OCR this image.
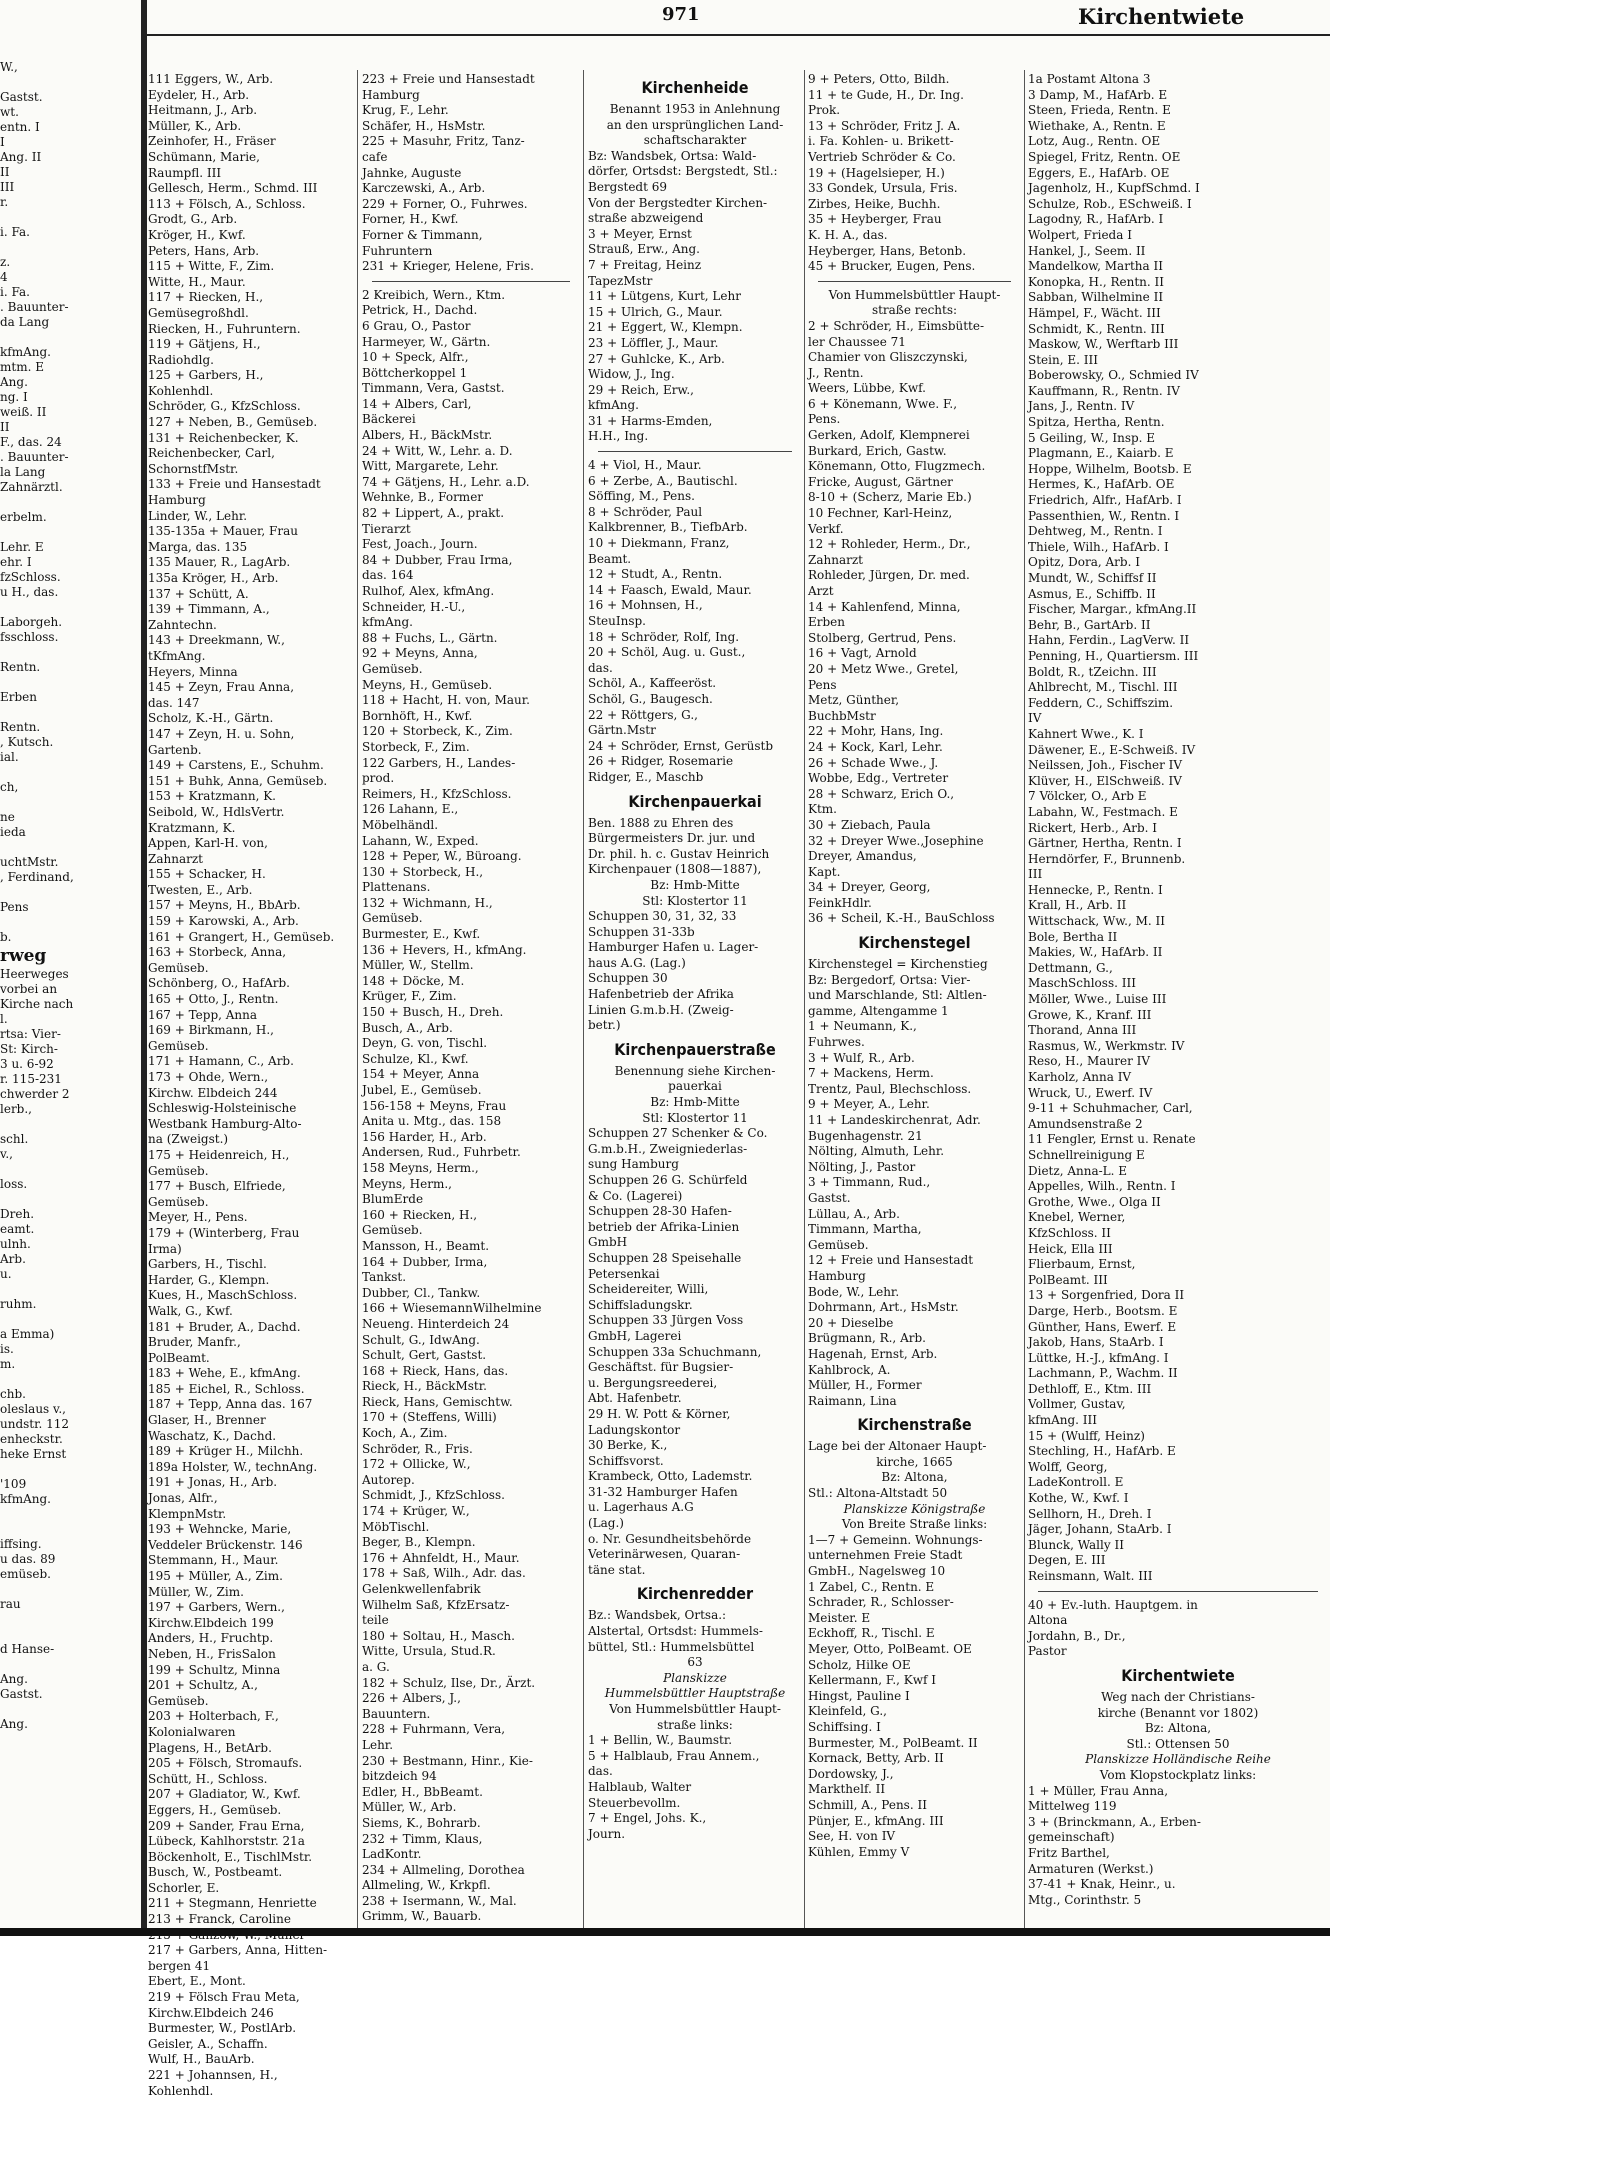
W.,
Gastst.
wt.
entn. I
I
Ang. II
II
III
r.
i. Fa.
z.
4
i. Fa.
. Bauunter-
da Lang
kfmAng.
mtm. E
Ang.
ng. I
weiß. II
II
F., das. 24
. Bauunter-
la Lang
Zahnärztl.
erbelm.
Lehr. E
ehr. I
fzSchloss.
u H., das.
Laborgeh.
fsschloss.
Rentn.
Erben
Rentn.
, Kutsch.
ial.
ch,
ne
ieda
uchtMstr.
, Ferdinand,
Pens
b.
rweg
Heerweges
vorbei an
Kirche nach
l.
rtsa: Vier-
St: Kirch-
3 u. 6-92
r. 115-231
chwerder 2
lerb.,
schl.
v.,
loss.
Dreh.
eamt.
ulnh.
Arb.
u.
ruhm.
a Emma)
is.
m.
chb.
oleslaus v.,
undstr. 112
enheckstr.
heke Ernst
'109
kfmAng.
iffsing.
u das. 89
emüseb.
rau
d Hanse-
Ang.
Gastst.
Ang.
971	Kirchentwiete
111 Eggers, W., Arb.
Eydeler, H., Arb.
Heitmann, J., Arb.
Müller, K., Arb.
Zeinhofer, H., Fräser
Schümann, Marie,
Raumpfl. III
Gellesch, Herm., Schmd. III
113 + Fölsch, A., Schloss.
Grodt, G., Arb.
Kröger, H., Kwf.
Peters, Hans, Arb.
115 + Witte, F., Zim.
Witte, H., Maur.
117 + Riecken, H.,
Gemüsegroßhdl.
Riecken, H., Fuhruntern.
119 + Gätjens, H.,
Radiohdlg.
125 + Garbers, H.,
Kohlenhdl.
Schröder, G., KfzSchloss.
127 + Neben, B., Gemüseb.
131 + Reichenbecker, K.
Reichenbecker, Carl,
SchornstfMstr.
133 + Freie und Hansestadt
Hamburg
Linder, W., Lehr.
135-135a + Mauer, Frau
Marga, das. 135
135 Mauer, R., LagArb.
135a Kröger, H., Arb.
137 + Schütt, A.
139 + Timmann, A.,
Zahntechn.
143 + Dreekmann, W.,
tKfmAng.
Heyers, Minna
145 + Zeyn, Frau Anna,
das. 147
Scholz, K.-H., Gärtn.
147 + Zeyn, H. u. Sohn,
Gartenb.
149 + Carstens, E., Schuhm.
151 + Buhk, Anna, Gemüseb.
153 + Kratzmann, K.
Seibold, W., HdlsVertr.
Kratzmann, K.
Appen, Karl-H. von,
Zahnarzt
155 + Schacker, H.
Twesten, E., Arb.
157 + Meyns, H., BbArb.
159 + Karowski, A., Arb.
161 + Grangert, H., Gemüseb.
163 + Storbeck, Anna,
Gemüseb.
Schönberg, O., HafArb.
165 + Otto, J., Rentn.
167 + Tepp, Anna
169 + Birkmann, H.,
Gemüseb.
171 + Hamann, C., Arb.
173 + Ohde, Wern.,
Kirchw. Elbdeich 244
Schleswig-Holsteinische
Westbank Hamburg-Alto-
na (Zweigst.)
175 + Heidenreich, H.,
Gemüseb.
177 + Busch, Elfriede,
Gemüseb.
Meyer, H., Pens.
179 + (Winterberg, Frau
Irma)
Garbers, H., Tischl.
Harder, G., Klempn.
Kues, H., MaschSchloss.
Walk, G., Kwf.
181 + Bruder, A., Dachd.
Bruder, Manfr.,
PolBeamt.
183 + Wehe, E., kfmAng.
185 + Eichel, R., Schloss.
187 + Tepp, Anna das. 167
Glaser, H., Brenner
Waschatz, K., Dachd.
189 + Krüger H., Milchh.
189a Holster, W., technAng.
191 + Jonas, H., Arb.
Jonas, Alfr.,
KlempnMstr.
193 + Wehncke, Marie,
Veddeler Brückenstr. 146
Stemmann, H., Maur.
195 + Müller, A., Zim.
Müller, W., Zim.
197 + Garbers, Wern.,
Kirchw.Elbdeich 199
Anders, H., Fruchtp.
Neben, H., FrisSalon
199 + Schultz, Minna
201 + Schultz, A.,
Gemüseb.
203 + Holterbach, F.,
Kolonialwaren
Plagens, H., BetArb.
205 + Fölsch, Stromaufs.
Schütt, H., Schloss.
207 + Gladiator, W., Kwf.
Eggers, H., Gemüseb.
209 + Sander, Frau Erna,
Lübeck, Kahlhorststr. 21a
Böckenholt, E., TischlMstr.
Busch, W., Postbeamt.
Schorler, E.
211 + Stegmann, Henriette
213 + Franck, Caroline
217 + Garbers, Anna, Hitten-
bergen 41
Ebert, E., Mont.
219 + Fölsch Frau Meta,
Kirchw.Elbdeich 246
Burmester, W., PostlArb.
Geisler, A., Schaffn.
Wulf, H., BauArb.
221 + Johannsen, H.,
Kohlenhdl.
223 + Freie und Hansestadt
Hamburg
Krug, F., Lehr.
Schäfer, H., HsMstr.
225 + Masuhr, Fritz, Tanz-
cafe
Jahnke, Auguste
Karczewski, A., Arb.
229 + Forner, O., Fuhrwes.
Forner, H., Kwf.
Forner & Timmann,
Fuhruntern
231 + Krieger, Helene, Fris.
2 Kreibich, Wern., Ktm.
Petrick, H., Dachd.
6 Grau, O., Pastor
Harmeyer, W., Gärtn.
10 + Speck, Alfr.,
Böttcherkoppel 1
Timmann, Vera, Gastst.
14 + Albers, Carl,
Bäckerei
Albers, H., BäckMstr.
24 + Witt, W., Lehr. a. D.
Witt, Margarete, Lehr.
74 + Gätjens, H., Lehr. a.D.
Wehnke, B., Former
82 + Lippert, A., prakt.
Tierarzt
Fest, Joach., Journ.
84 + Dubber, Frau Irma,
das. 164
Rulhof, Alex, kfmAng.
Schneider, H.-U.,
kfmAng.
88 + Fuchs, L., Gärtn.
92 + Meyns, Anna,
Gemüseb.
Meyns, H., Gemüseb.
118 + Hacht, H. von, Maur.
Bornhöft, H., Kwf.
120 + Storbeck, K., Zim.
Storbeck, F., Zim.
122 Garbers, H., Landes-
prod.
Reimers, H., KfzSchloss.
126 Lahann, E.,
Möbelhändl.
Lahann, W., Exped.
128 + Peper, W., Büroang.
130 + Storbeck, H.,
Plattenans.
132 + Wichmann, H.,
Gemüseb.
Burmester, E., Kwf.
136 + Hevers, H., kfmAng.
Müller, W., Stellm.
148 + Döcke, M.
Krüger, F., Zim.
150 + Busch, H., Dreh.
Busch, A., Arb.
Deyn, G. von, Tischl.
Schulze, Kl., Kwf.
154 + Meyer, Anna
Jubel, E., Gemüseb.
156-158 + Meyns, Frau
Anita u. Mtg., das. 158
156 Harder, H., Arb.
Andersen, Rud., Fuhrbetr.
158 Meyns, Herm.,
Meyns, Herm.,
BlumErde
160 + Riecken, H.,
Gemüseb.
Mansson, H., Beamt.
164 + Dubber, Irma,
Tankst.
Dubber, Cl., Tankw.
166 + WiesemannWilhelmine
Neueng. Hinterdeich 24
Schult, G., IdwAng.
Schult, Gert, Gastst.
168 + Rieck, Hans, das.
Rieck, H., BäckMstr.
Rieck, Hans, Gemischtw.
170 + (Steffens, Willi)
Koch, A., Zim.
Schröder, R., Fris.
172 + Ollicke, W.,
Autorep.
Schmidt, J., KfzSchloss.
174 + Krüger, W.,
MöbTischl.
Beger, B., Klempn.
176 + Ahnfeldt, H., Maur.
178 + Saß, Wilh., Adr. das.
Gelenkwellenfabrik
Wilhelm Saß, KfzErsatz-
teile
180 + Soltau, H., Masch.
Witte, Ursula, Stud.R.
a. G.
182 + Schulz, Ilse, Dr., Ärzt.
226 + Albers, J.,
Bauuntern.
228 + Fuhrmann, Vera,
Lehr.
230 + Bestmann, Hinr., Kie-
bitzdeich 94
Edler, H., BbBeamt.
Müller, W., Arb.
Siems, K., Bohrarb.
232 + Timm, Klaus,
LadKontr.
234 + Allmeling, Dorothea
Allmeling, W., Krkpfl.
238 + Isermann, W., Mal.
Grimm, W., Bauarb.
Kirchenheide
Benannt 1953 in Anlehnung
an den ursprünglichen Land-
schaftscharakter
Bz: Wandsbek, Ortsa: Wald-
dörfer, Ortsdst: Bergstedt, Stl.:
Bergstedt 69
Von der Bergstedter Kirchen-
straße abzweigend
3 + Meyer, Ernst
Strauß, Erw., Ang.
7 + Freitag, Heinz
TapezMstr
11 + Lütgens, Kurt, Lehr
15 + Ulrich, G., Maur.
21 + Eggert, W., Klempn.
23 + Löffler, J., Maur.
27 + Guhlcke, K., Arb.
Widow, J., Ing.
29 + Reich, Erw.,
kfmAng.
31 + Harms-Emden,
H.H., Ing.
4 + Viol, H., Maur.
6 + Zerbe, A., Bautischl.
Söffing, M., Pens.
8 + Schröder, Paul
Kalkbrenner, B., TiefbArb.
10 + Diekmann, Franz,
Beamt.
12 + Studt, A., Rentn.
14 + Faasch, Ewald, Maur.
16 + Mohnsen, H.,
SteuInsp.
18 + Schröder, Rolf, Ing.
20 + Schöl, Aug. u. Gust.,
das.
Schöl, A., Kaffeeröst.
Schöl, G., Baugesch.
22 + Röttgers, G.,
Gärtn.Mstr
24 + Schröder, Ernst, Gerüstb
26 + Ridger, Rosemarie
Ridger, E., Maschb
Kirchenpauerkai
Ben. 1888 zu Ehren des
Bürgermeisters Dr. jur. und
Dr. phil. h. c. Gustav Heinrich
Kirchenpauer (1808—1887),
Bz: Hmb-Mitte
Stl: Klostertor 11
Schuppen 30, 31, 32, 33
Schuppen 31-33b
Hamburger Hafen u. Lager-
haus A.G. (Lag.)
Schuppen 30
Hafenbetrieb der Afrika
Linien G.m.b.H. (Zweig-
betr.)
Kirchenpauerstraße
Benennung siehe Kirchen-
pauerkai
Bz: Hmb-Mitte
Stl: Klostertor 11
Schuppen 27 Schenker & Co.
G.m.b.H., Zweigniederlas-
sung Hamburg
Schuppen 26 G. Schürfeld
& Co. (Lagerei)
Schuppen 28-30 Hafen-
betrieb der Afrika-Linien
GmbH
Schuppen 28 Speisehalle
Petersenkai
Scheidereiter, Willi,
Schiffsladungskr.
Schuppen 33 Jürgen Voss
GmbH, Lagerei
Schuppen 33a Schuchmann,
Geschäftst. für Bugsier-
u. Bergungsreederei,
Abt. Hafenbetr.
29 H. W. Pott & Körner,
Ladungskontor
30 Berke, K.,
Schiffsvorst.
Krambeck, Otto, Lademstr.
31-32 Hamburger Hafen
u. Lagerhaus A.G
(Lag.)
o. Nr. Gesundheitsbehörde
Veterinärwesen, Quaran-
täne stat.
Kirchenredder
Bz.: Wandsbek, Ortsa.:
Alstertal, Ortsdst: Hummels-
büttel, Stl.: Hummelsbüttel
63
Planskizze
Hummelsbüttler Hauptstraße
Von Hummelsbüttler Haupt-
straße links:
1 + Bellin, W., Baumstr.
5 + Halblaub, Frau Annem.,
das.
Halblaub, Walter
Steuerbevollm.
7 + Engel, Johs. K.,
Journ.
9 + Peters, Otto, Bildh.
11 + te Gude, H., Dr. Ing.
Prok.
13 + Schröder, Fritz J. A.
i. Fa. Kohlen- u. Brikett-
Vertrieb Schröder & Co.
19 + (Hagelsieper, H.)
33 Gondek, Ursula, Fris.
Zirbes, Heike, Buchh.
35 + Heyberger, Frau
K. H. A., das.
Heyberger, Hans, Betonb.
45 + Brucker, Eugen, Pens.
Von Hummelsbüttler Haupt-
straße rechts:
2 + Schröder, H., Eimsbütte-
ler Chaussee 71
Chamier von Gliszczynski,
J., Rentn.
Weers, Lübbe, Kwf.
6 + Könemann, Wwe. F.,
Pens.
Gerken, Adolf, Klempnerei
Burkard, Erich, Gastw.
Könemann, Otto, Flugzmech.
Fricke, August, Gärtner
8-10 + (Scherz, Marie Eb.)
10 Fechner, Karl-Heinz,
Verkf.
12 + Rohleder, Herm., Dr.,
Zahnarzt
Rohleder, Jürgen, Dr. med.
Arzt
14 + Kahlenfend, Minna,
Erben
Stolberg, Gertrud, Pens.
16 + Vagt, Arnold
20 + Metz Wwe., Gretel,
Pens
Metz, Günther,
BuchbMstr
22 + Mohr, Hans, Ing.
24 + Kock, Karl, Lehr.
26 + Schade Wwe., J.
Wobbe, Edg., Vertreter
28 + Schwarz, Erich O.,
Ktm.
30 + Ziebach, Paula
32 + Dreyer Wwe.,Josephine
Dreyer, Amandus,
Kapt.
34 + Dreyer, Georg,
FeinkHdlr.
36 + Scheil, K.-H., BauSchloss
Kirchenstegel
Kirchenstegel = Kirchenstieg
Bz: Bergedorf, Ortsa: Vier-
und Marschlande, Stl: Altlen-
gamme, Altengamme 1
1 + Neumann, K.,
Fuhrwes.
3 + Wulf, R., Arb.
7 + Mackens, Herm.
Trentz, Paul, Blechschloss.
9 + Meyer, A., Lehr.
11 + Landeskirchenrat, Adr.
Bugenhagenstr. 21
Nölting, Almuth, Lehr.
Nölting, J., Pastor
3 + Timmann, Rud.,
Gastst.
Lüllau, A., Arb.
Timmann, Martha,
Gemüseb.
12 + Freie und Hansestadt
Hamburg
Bode, W., Lehr.
Dohrmann, Art., HsMstr.
20 + Dieselbe
Brügmann, R., Arb.
Hagenah, Ernst, Arb.
Kahlbrock, A.
Müller, H., Former
Raimann, Lina
Kirchenstraße
Lage bei der Altonaer Haupt-
kirche, 1665
Bz: Altona,
Stl.: Altona-Altstadt 50
Planskizze Königstraße
Von Breite Straße links:
1—7 + Gemeinn. Wohnungs-
unternehmen Freie Stadt
GmbH., Nagelsweg 10
1 Zabel, C., Rentn. E
Schrader, R., Schlosser-
Meister. E
Eckhoff, R., Tischl. E
Meyer, Otto, PolBeamt. OE
Scholz, Hilke OE
Kellermann, F., Kwf I
Hingst, Pauline I
Kleinfeld, G.,
Schiffsing. I
Burmester, M., PolBeamt. II
Kornack, Betty, Arb. II
Dordowsky, J.,
Markthelf. II
Schmill, A., Pens. II
Pünjer, E., kfmAng. III
See, H. von IV
Kühlen, Emmy V
1a Postamt Altona 3
3 Damp, M., HafArb. E
Steen, Frieda, Rentn. E
Wiethake, A., Rentn. E
Lotz, Aug., Rentn. OE
Spiegel, Fritz, Rentn. OE
Eggers, E., HafArb. OE
Jagenholz, H., KupfSchmd. I
Schulze, Rob., ESchweiß. I
Lagodny, R., HafArb. I
Wolpert, Frieda I
Hankel, J., Seem. II
Mandelkow, Martha II
Konopka, H., Rentn. II
Sabban, Wilhelmine II
Hämpel, F., Wächt. III
Schmidt, K., Rentn. III
Maskow, W., Werftarb III
Stein, E. III
Boberowsky, O., Schmied IV
Kauffmann, R., Rentn. IV
Jans, J., Rentn. IV
Spitza, Hertha, Rentn.
5 Geiling, W., Insp. E
Plagmann, E., Kaiarb. E
Hoppe, Wilhelm, Bootsb. E
Hermes, K., HafArb. OE
Friedrich, Alfr., HafArb. I
Passenthien, W., Rentn. I
Dehtweg, M., Rentn. I
Thiele, Wilh., HafArb. I
Opitz, Dora, Arb. I
Mundt, W., Schiffsf II
Asmus, E., Schiffb. II
Fischer, Margar., kfmAng.II
Behr, B., GartArb. II
Hahn, Ferdin., LagVerw. II
Penning, H., Quartiersm. III
Boldt, R., tZeichn. III
Ahlbrecht, M., Tischl. III
Feddern, C., Schiffszim.
IV
Kahnert Wwe., K. I
Däwener, E., E-Schweiß. IV
Neilssen, Joh., Fischer IV
Klüver, H., ElSchweiß. IV
7 Völcker, O., Arb E
Labahn, W., Festmach. E
Rickert, Herb., Arb. I
Gärtner, Hertha, Rentn. I
Herndörfer, F., Brunnenb.
III
Hennecke, P., Rentn. I
Krall, H., Arb. II
Wittschack, Ww., M. II
Bole, Bertha II
Makies, W., HafArb. II
Dettmann, G.,
MaschSchloss. III
Möller, Wwe., Luise III
Growe, K., Kranf. III
Thorand, Anna III
Rasmus, W., Werkmstr. IV
Reso, H., Maurer IV
Karholz, Anna IV
Wruck, U., Ewerf. IV
9-11 + Schuhmacher, Carl,
Amundsenstraße 2
11 Fengler, Ernst u. Renate
Schnellreinigung E
Dietz, Anna-L. E
Appelles, Wilh., Rentn. I
Grothe, Wwe., Olga II
Knebel, Werner,
KfzSchloss. II
Heick, Ella III
Flierbaum, Ernst,
PolBeamt. III
13 + Sorgenfried, Dora II
Darge, Herb., Bootsm. E
Günther, Hans, Ewerf. E
Jakob, Hans, StaArb. I
Lüttke, H.-J., kfmAng. I
Lachmann, P., Wachm. II
Dethloff, E., Ktm. III
Vollmer, Gustav,
kfmAng. III
15 + (Wulff, Heinz)
Stechling, H., HafArb. E
Wolff, Georg,
LadeKontroll. E
Kothe, W., Kwf. I
Sellhorn, H., Dreh. I
Jäger, Johann, StaArb. I
Blunck, Wally II
Degen, E. III
Reinsmann, Walt. III
40 + Ev.-luth. Hauptgem. in
Altona
Jordahn, B., Dr.,
Pastor
Kirchentwiete
Weg nach der Christians-
kirche (Benannt vor 1802)
Bz: Altona,
Stl.: Ottensen 50
Planskizze Holländische Reihe
Vom Klopstockplatz links:
1 + Müller, Frau Anna,
Mittelweg 119
3 + (Brinckmann, A., Erben-
gemeinschaft)
Fritz Barthel,
Armaturen (Werkst.)
37-41 + Knak, Heinr., u.
Mtg., Corinthstr. 5
